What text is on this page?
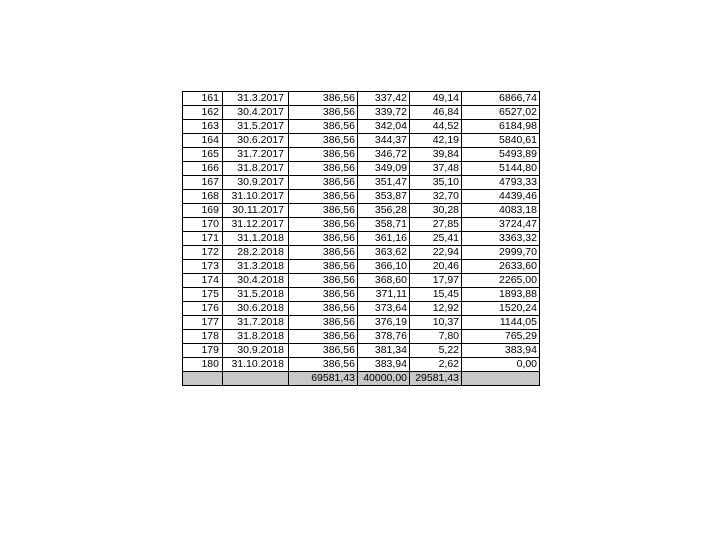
161	31.3.2017	386,56	337,42	49,14	6866,74
162	30.4.2017	386,56	339,72	46,84	6527,02
163	31.5.2017	386,56	342,04	44,52	6184,98
164	30.6.2017	386,56	344,37	42,19	5840,61
165	31.7.2017	386,56	346,72	39,84	5493,89
166	31.8.2017	386,56	349,09	37,48	5144,80
167	30.9.2017	386,56	351,47	35,10	4793,33
168	31.10.2017	386,56	353,87	32,70	4439,46
169	30.11.2017	386,56	356,28	30,28	4083,18
170	31.12.2017	386,56	358,71	27,85	3724,47
171	31.1.2018	386,56	361,16	25,41	3363,32
172	28.2.2018	386,56	363,62	22,94	2999,70
173	31.3.2018	386,56	366,10	20,46	2633,60
174	30.4.2018	386,56	368,60	17,97	2265,00
175	31.5.2018	386,56	371,11	15,45	1893,88
176	30.6.2018	386,56	373,64	12,92	1520,24
177	31.7.2018	386,56	376,19	10,37	1144,05
178	31.8.2018	386,56	378,76	7,80	765,29
179	30.9.2018	386,56	381,34	5,22	383,94
180	31.10.2018	386,56	383,94	2,62	0,00
		69581,43	40000,00	29581,43	
